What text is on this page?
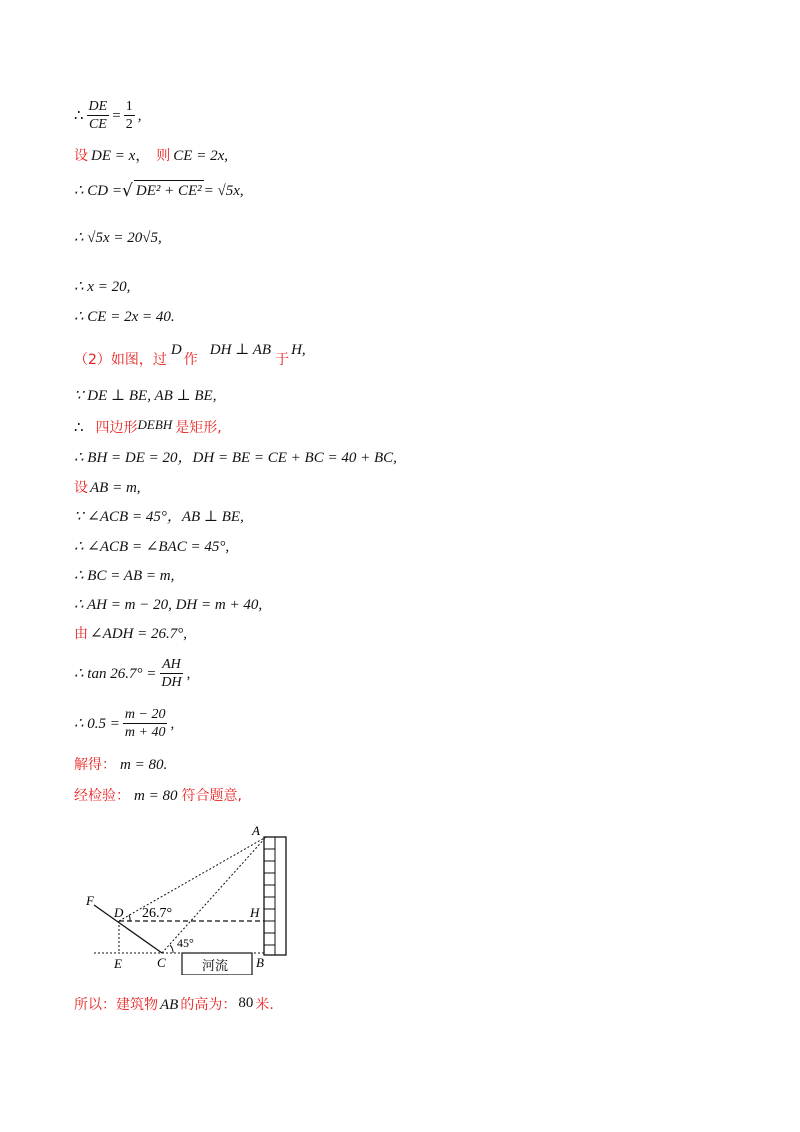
∴ $\frac{DE}{CE} = \frac{1}{2}$ ,
设 DE = x ， 则 CE = 2x ,
∴ CD = √ DE² + CE² = √5x ,
∴ √5x = 20√5,
∴ x = 20,
∴ CE = 2x = 40.
（2）如图，过
D
作
DH ⊥ AB
于
H,
∵ DE ⊥ BE, AB ⊥ BE,
∴ 四边形 DEBH 是矩形,
∴ BH = DE = 20，DH = BE = CE + BC = 40 + BC,
设 AB = m,
∵ ∠ACB = 45°，AB ⊥ BE,
∴ ∠ACB = ∠BAC = 45°,
∴ BC = AB = m,
∴ AH = m − 20, DH = m + 40,
由 ∠ADH = 26.7°,
∴ $\tan 26.7^\circ = \frac{AH}{DH}$ ,
∴ $0.5 = \frac{m - 20}{m + 40}$ ,
解得： m = 80.
经检验： m = 80 符合题意,
A
F
D	H
E	C	B
26.7°
45°
河流
所以：建筑物 AB 的高为： 80 米.
